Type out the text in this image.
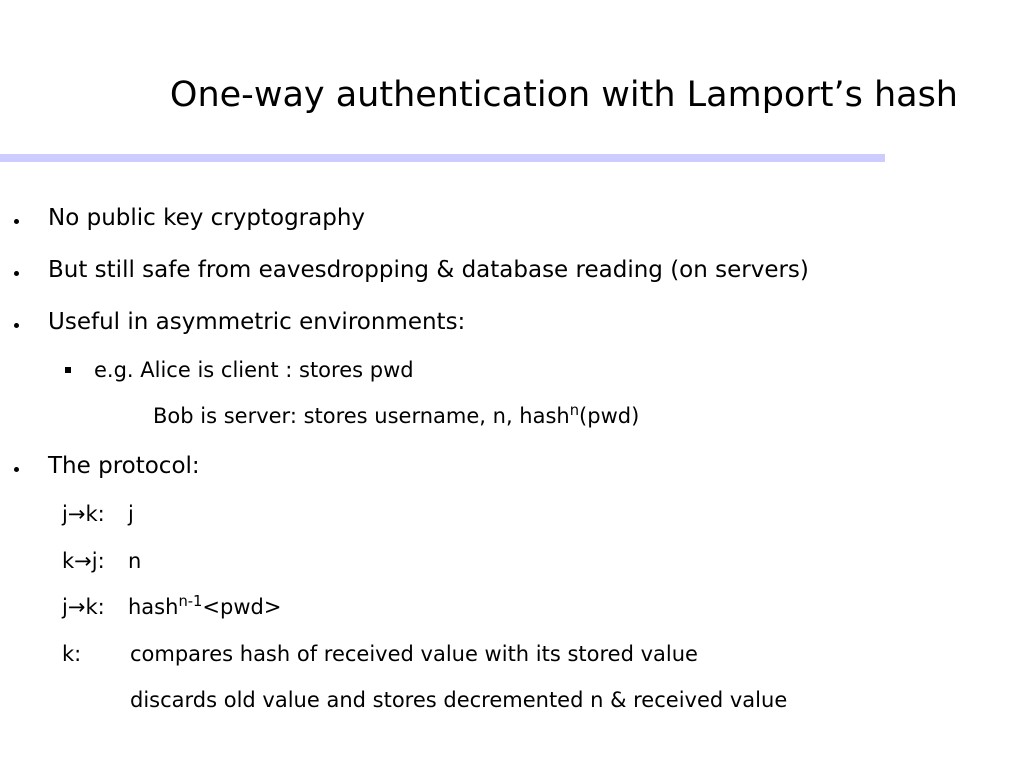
One-way authentication with Lamport’s hash
No public key cryptography
But still safe from eavesdropping & database reading (on servers)
Useful in asymmetric environments:
e.g. Alice is client : stores pwd
Bob is server: stores username, n, hash$^n$(pwd)
The protocol:
j→k: j
k→j: n
j→k: hash$^{n-1}$<pwd>
k: compares hash of received value with its stored value
discards old value and stores decremented n & received value
